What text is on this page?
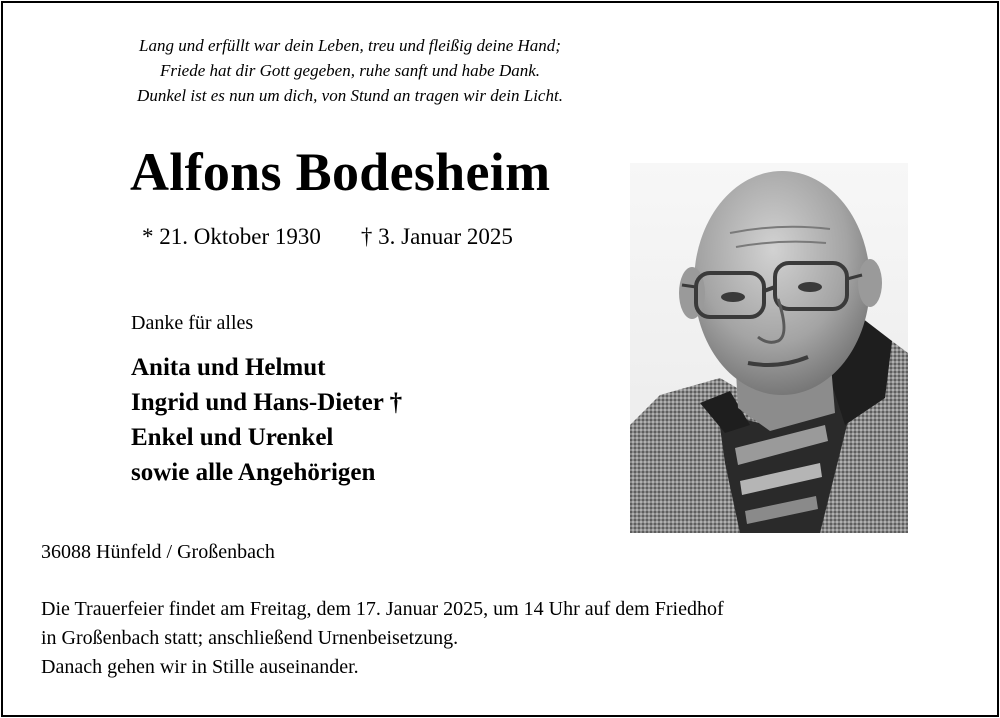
Lang und erfüllt war dein Leben, treu und fleißig deine Hand;
Friede hat dir Gott gegeben, ruhe sanft und habe Dank.
Dunkel ist es nun um dich, von Stund an tragen wir dein Licht.
Alfons Bodesheim
* 21. Oktober 1930 † 3. Januar 2025
Danke für alles
Anita und Helmut
Ingrid und Hans-Dieter †
Enkel und Urenkel
sowie alle Angehörigen
36088 Hünfeld / Großenbach
Die Trauerfeier findet am Freitag, dem 17. Januar 2025, um 14 Uhr auf dem Friedhof
in Großenbach statt; anschließend Urnenbeisetzung.
Danach gehen wir in Stille auseinander.
